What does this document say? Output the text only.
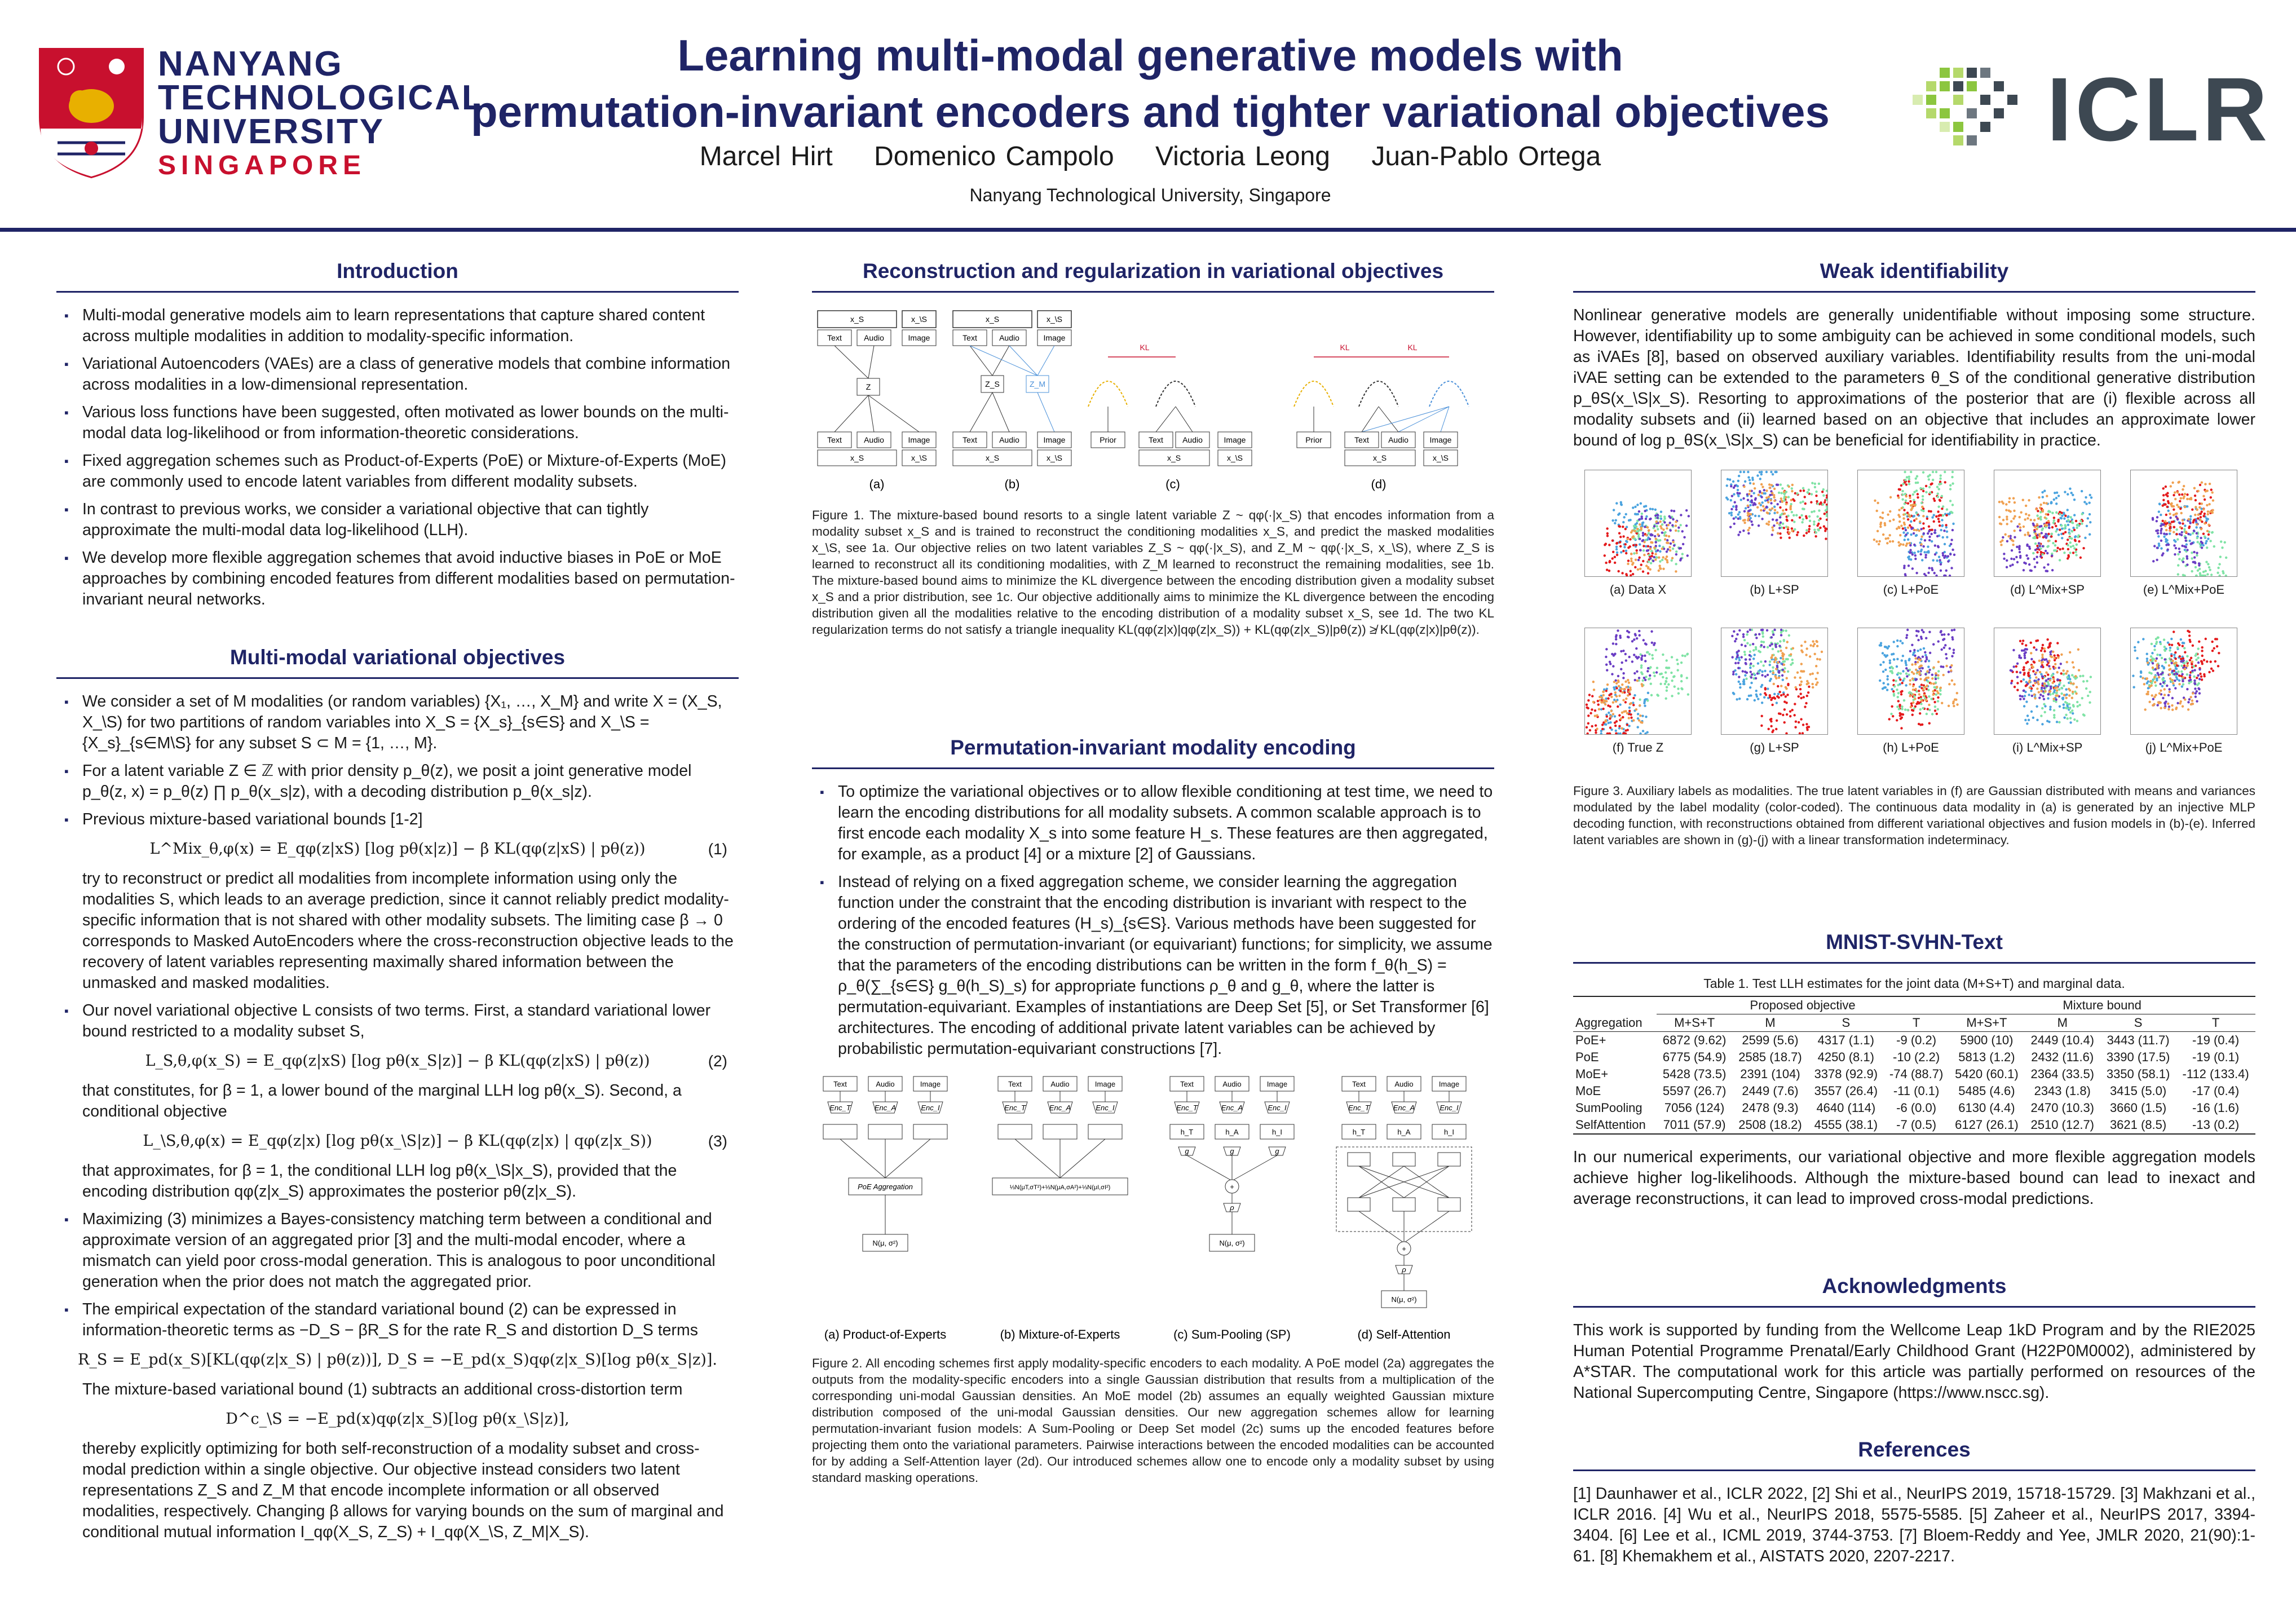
NANYANG
TECHNOLOGICAL
UNIVERSITY
SINGAPORE
Learning multi-modal generative models with
permutation-invariant encoders and tighter variational objectives
Marcel Hirt Domenico Campolo Victoria Leong Juan-Pablo Ortega
Nanyang Technological University, Singapore
ICLR
Introduction
▪ Multi-modal generative models aim to learn representations that capture shared content across multiple modalities in addition to modality-specific information.
▪ Variational Autoencoders (VAEs) are a class of generative models that combine information across modalities in a low-dimensional representation.
▪ Various loss functions have been suggested, often motivated as lower bounds on the multi-modal data log-likelihood or from information-theoretic considerations.
▪ Fixed aggregation schemes such as Product-of-Experts (PoE) or Mixture-of-Experts (MoE) are commonly used to encode latent variables from different modality subsets.
▪ In contrast to previous works, we consider a variational objective that can tightly approximate the multi-modal data log-likelihood (LLH).
▪ We develop more flexible aggregation schemes that avoid inductive biases in PoE or MoE approaches by combining encoded features from different modalities based on permutation-invariant neural networks.
Multi-modal variational objectives
▪ We consider a set of M modalities (or random variables) {X₁, …, X_M} and write X = (X_S, X_\S) for two partitions of random variables into X_S = {X_s}_{s∈S} and X_\S = {X_s}_{s∈M\S} for any subset S ⊂ M = {1, …, M}.
▪ For a latent variable Z ∈ ℤ with prior density p_θ(z), we posit a joint generative model p_θ(z, x) = p_θ(z) ∏ p_θ(x_s|z), with a decoding distribution p_θ(x_s|z).
▪ Previous mixture-based variational bounds [1-2]
L^Mix_θ,φ(x) = E_qφ(z|xS) [log pθ(x|z)] − β KL(qφ(z|xS) | pθ(z))	(1)
try to reconstruct or predict all modalities from incomplete information using only the modalities S, which leads to an average prediction, since it cannot reliably predict modality-specific information that is not shared with other modality subsets. The limiting case β → 0 corresponds to Masked AutoEncoders where the cross-reconstruction objective leads to the recovery of latent variables representing maximally shared information between the unmasked and masked modalities.
▪ Our novel variational objective L consists of two terms. First, a standard variational lower bound restricted to a modality subset S,
L_S,θ,φ(x_S) = E_qφ(z|xS) [log pθ(x_S|z)] − β KL(qφ(z|xS) | pθ(z))	(2)
that constitutes, for β = 1, a lower bound of the marginal LLH log pθ(x_S). Second, a conditional objective
L_\S,θ,φ(x) = E_qφ(z|x) [log pθ(x_\S|z)] − β KL(qφ(z|x) | qφ(z|x_S))	(3)
that approximates, for β = 1, the conditional LLH log pθ(x_\S|x_S), provided that the encoding distribution qφ(z|x_S) approximates the posterior pθ(z|x_S).
▪ Maximizing (3) minimizes a Bayes-consistency matching term between a conditional and approximate version of an aggregated prior [3] and the multi-modal encoder, where a mismatch can yield poor cross-modal generation. This is analogous to poor unconditional generation when the prior does not match the aggregated prior.
▪ The empirical expectation of the standard variational bound (2) can be expressed in information-theoretic terms as −D_S − βR_S for the rate R_S and distortion D_S terms
R_S = E_pd(x_S)[KL(qφ(z|x_S) | pθ(z))], D_S = −E_pd(x_S)qφ(z|x_S)[log pθ(x_S|z)].
The mixture-based variational bound (1) subtracts an additional cross-distortion term
D^c_\S = −E_pd(x)qφ(z|x_S)[log pθ(x_\S|z)],
thereby explicitly optimizing for both self-reconstruction of a modality subset and cross-modal prediction within a single objective. Our objective instead considers two latent representations Z_S and Z_M that encode incomplete information or all observed modalities, respectively. Changing β allows for varying bounds on the sum of marginal and conditional mutual information I_qφ(X_S, Z_S) + I_qφ(X_\S, Z_M|X_S).
Reconstruction and regularization in variational objectives
x_S	x_\S
Text	Audio	Image
Z
Text	Audio	Image
x_S	x_\S
(a)
x_S	x_\S
Text	Audio	Image
Z_S	Z_M
Text	Audio	Image
x_S	x_\S
(b)
KL
Prior	Text Audio	Image
x_S	x_\S
(c)
KL	KL
Prior	Text Audio	Image
x_S	x_\S
(d)
Figure 1. The mixture-based bound resorts to a single latent variable Z ~ qφ(·|x_S) that encodes information from a modality subset x_S and is trained to reconstruct the conditioning modalities x_S, and predict the masked modalities x_\S, see 1a. Our objective relies on two latent variables Z_S ~ qφ(·|x_S), and Z_M ~ qφ(·|x_S, x_\S), where Z_S is learned to reconstruct all its conditioning modalities, with Z_M learned to reconstruct the remaining modalities, see 1b. The mixture-based bound aims to minimize the KL divergence between the encoding distribution given a modality subset x_S and a prior distribution, see 1c. Our objective additionally aims to minimize the KL divergence between the encoding distribution given all the modalities relative to the encoding distribution of a modality subset x_S, see 1d. The two KL regularization terms do not satisfy a triangle inequality KL(qφ(z|x)|qφ(z|x_S)) + KL(qφ(z|x_S)|pθ(z)) ≱ KL(qφ(z|x)|pθ(z)).
Permutation-invariant modality encoding
▪ To optimize the variational objectives or to allow flexible conditioning at test time, we need to learn the encoding distributions for all modality subsets. A common scalable approach is to first encode each modality X_s into some feature H_s. These features are then aggregated, for example, as a product [4] or a mixture [2] of Gaussians.
▪ Instead of relying on a fixed aggregation scheme, we consider learning the aggregation function under the constraint that the encoding distribution is invariant with respect to the ordering of the encoded features (H_s)_{s∈S}. Various methods have been suggested for the construction of permutation-invariant (or equivariant) functions; for simplicity, we assume that the parameters of the encoding distributions can be written in the form f_θ(h_S) = ρ_θ(∑_{s∈S} g_θ(h_S)_s) for appropriate functions ρ_θ and g_θ, where the latter is permutation-equivariant. Examples of instantiations are Deep Set [5], or Set Transformer [6] architectures. The encoding of additional private latent variables can be achieved by probabilistic permutation-equivariant constructions [7].
Text	Audio	Image
Enc_T	Enc_A	Enc_I
PoE Aggregation
N(μ, σ²)
Text	Audio	Image
Enc_T	Enc_A	Enc_I
⅓N(μT,σT²)+⅓N(μA,σA²)+⅓N(μI,σI²)
Text	Audio	Image
Enc_T	Enc_A	Enc_I
h_T	h_A	h_I
g	g	g
+
ρ
N(μ, σ²)
Text	Audio	Image
Enc_T	Enc_A	Enc_I
h_T	h_A	h_I
+
ρ
N(μ, σ²)
(a) Product-of-Experts	(b) Mixture-of-Experts	(c) Sum-Pooling (SP)	(d) Self-Attention
Figure 2. All encoding schemes first apply modality-specific encoders to each modality. A PoE model (2a) aggregates the outputs from the modality-specific encoders into a single Gaussian distribution that results from a multiplication of the corresponding uni-modal Gaussian densities. An MoE model (2b) assumes an equally weighted Gaussian mixture distribution composed of the uni-modal Gaussian densities. Our new aggregation schemes allow for learning permutation-invariant fusion models: A Sum-Pooling or Deep Set model (2c) sums up the encoded features before projecting them onto the variational parameters. Pairwise interactions between the encoded modalities can be accounted for by adding a Self-Attention layer (2d). Our introduced schemes allow one to encode only a modality subset by using standard masking operations.
Weak identifiability
Nonlinear generative models are generally unidentifiable without imposing some structure. However, identifiability up to some ambiguity can be achieved in some conditional models, such as iVAEs [8], based on observed auxiliary variables. Identifiability results from the uni-modal iVAE setting can be extended to the parameters θ_S of the conditional generative distribution p_θS(x_\S|x_S). Resorting to approximations of the posterior that are (i) flexible across all modality subsets and (ii) learned based on an objective that includes an approximate lower bound of log p_θS(x_\S|x_S) can be beneficial for identifiability in practice.
(a) Data X	(b) L+SP	(c) L+PoE	(d) L^Mix+SP	(e) L^Mix+PoE
(f) True Z	(g) L+SP	(h) L+PoE	(i) L^Mix+SP	(j) L^Mix+PoE
Figure 3. Auxiliary labels as modalities. The true latent variables in (f) are Gaussian distributed with means and variances modulated by the label modality (color-coded). The continuous data modality in (a) is generated by an injective MLP decoding function, with reconstructions obtained from different variational objectives and fusion models in (b)-(e). Inferred latent variables are shown in (g)-(j) with a linear transformation indeterminacy.
MNIST-SVHN-Text
Table 1. Test LLH estimates for the joint data (M+S+T) and marginal data.
	Proposed objective				Mixture bound			
Aggregation	M+S+T	M	S	T	M+S+T	M	S	T
PoE+	6872 (9.62)	2599 (5.6)	4317 (1.1)	-9 (0.2)	5900 (10)	2449 (10.4)	3443 (11.7)	-19 (0.4)
PoE	6775 (54.9)	2585 (18.7)	4250 (8.1)	-10 (2.2)	5813 (1.2)	2432 (11.6)	3390 (17.5)	-19 (0.1)
MoE+	5428 (73.5)	2391 (104)	3378 (92.9)	-74 (88.7)	5420 (60.1)	2364 (33.5)	3350 (58.1)	-112 (133.4)
MoE	5597 (26.7)	2449 (7.6)	3557 (26.4)	-11 (0.1)	5485 (4.6)	2343 (1.8)	3415 (5.0)	-17 (0.4)
SumPooling	7056 (124)	2478 (9.3)	4640 (114)	-6 (0.0)	6130 (4.4)	2470 (10.3)	3660 (1.5)	-16 (1.6)
SelfAttention	7011 (57.9)	2508 (18.2)	4555 (38.1)	-7 (0.5)	6127 (26.1)	2510 (12.7)	3621 (8.5)	-13 (0.2)
In our numerical experiments, our variational objective and more flexible aggregation models achieve higher log-likelihoods. Although the mixture-based bound can lead to inexact and average reconstructions, it can lead to improved cross-modal predictions.
Acknowledgments
This work is supported by funding from the Wellcome Leap 1kD Program and by the RIE2025 Human Potential Programme Prenatal/Early Childhood Grant (H22P0M0002), administered by A*STAR. The computational work for this article was partially performed on resources of the National Supercomputing Centre, Singapore (https://www.nscc.sg).
References
[1] Daunhawer et al., ICLR 2022, [2] Shi et al., NeurIPS 2019, 15718-15729. [3] Makhzani et al., ICLR 2016. [4] Wu et al., NeurIPS 2018, 5575-5585. [5] Zaheer et al., NeurIPS 2017, 3394-3404. [6] Lee et al., ICML 2019, 3744-3753. [7] Bloem-Reddy and Yee, JMLR 2020, 21(90):1-61. [8] Khemakhem et al., AISTATS 2020, 2207-2217.
